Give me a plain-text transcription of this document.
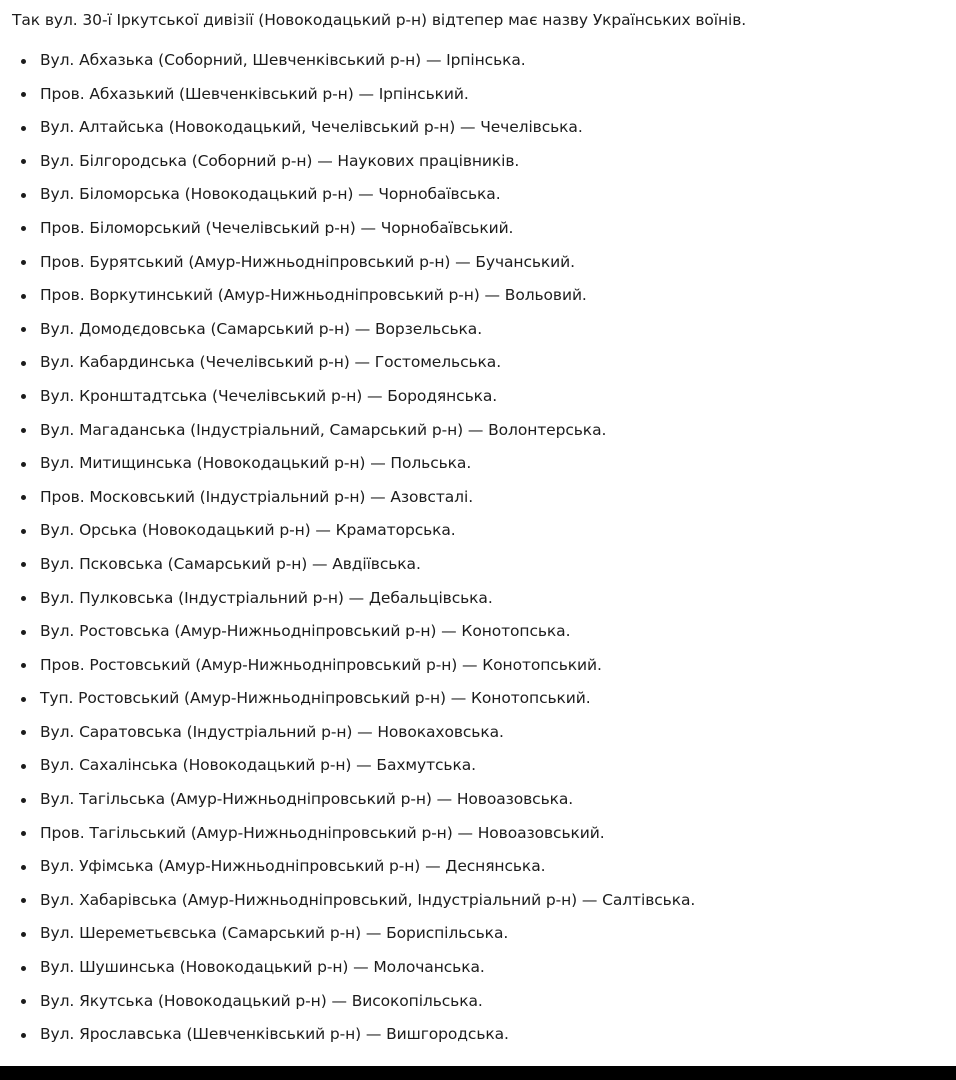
Так вул. 30-ї Іркутської дивізії (Новокодацький р-н) відтепер має назву Українських воїнів.

Вул. Абхазька (Соборний, Шевченківський р-н) — Ірпінська.
Пров. Абхазький (Шевченківський р-н) — Ірпінський.
Вул. Алтайська (Новокодацький, Чечелівський р-н) — Чечелівська.
Вул. Білгородська (Соборний р-н) — Наукових працівників.
Вул. Біломорська (Новокодацький р-н) — Чорнобаївська.
Пров. Біломорський (Чечелівський р-н) — Чорнобаївський.
Пров. Бурятський (Амур-Нижньодніпровський р-н) — Бучанський.
Пров. Воркутинський (Амур-Нижньодніпровський р-н) — Вольовий.
Вул. Домодєдовська (Самарський р-н) — Ворзельська.
Вул. Кабардинська (Чечелівський р-н) — Гостомельська.
Вул. Кронштадтська (Чечелівський р-н) — Бородянська.
Вул. Магаданська (Індустріальний, Самарський р-н) — Волонтерська.
Вул. Митищинська (Новокодацький р-н) — Польська.
Пров. Московський (Індустріальний р-н) — Азовсталі.
Вул. Орська (Новокодацький р-н) — Краматорська.
Вул. Псковська (Самарський р-н) — Авдіївська.
Вул. Пулковська (Індустріальний р-н) — Дебальцівська.
Вул. Ростовська (Амур-Нижньодніпровський р-н) — Конотопська.
Пров. Ростовський (Амур-Нижньодніпровський р-н) — Конотопський.
Туп. Ростовський (Амур-Нижньодніпровський р-н) — Конотопський.
Вул. Саратовська (Індустріальний р-н) — Новокаховська.
Вул. Сахалінська (Новокодацький р-н) — Бахмутська.
Вул. Тагільська (Амур-Нижньодніпровський р-н) — Новоазовська.
Пров. Тагільський (Амур-Нижньодніпровський р-н) — Новоазовський.
Вул. Уфімська (Амур-Нижньодніпровський р-н) — Деснянська.
Вул. Хабарівська (Амур-Нижньодніпровський, Індустріальний р-н) — Салтівська.
Вул. Шереметьєвська (Самарський р-н) — Бориспільська.
Вул. Шушинська (Новокодацький р-н) — Молочанська.
Вул. Якутська (Новокодацький р-н) — Високопільська.
Вул. Ярославська (Шевченківський р-н) — Вишгородська.
